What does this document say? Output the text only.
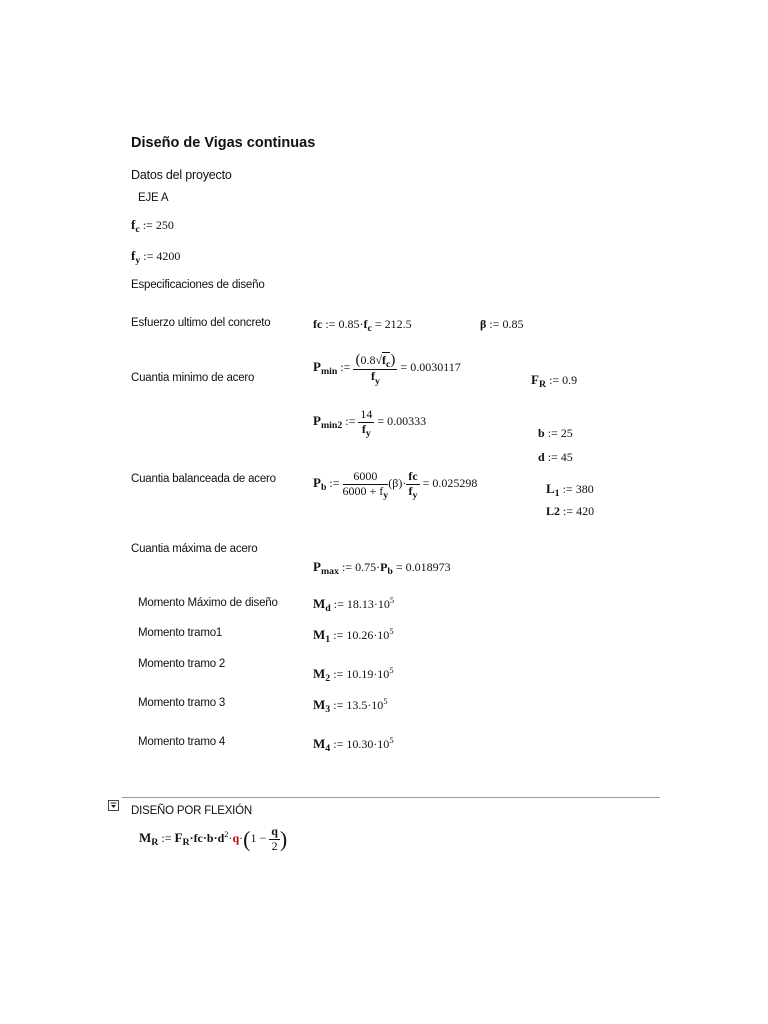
Diseño de Vigas continuas
Datos del proyecto
EJE A
$f_c$ := 250
$f_y$ := 4200
Especificaciones de diseño
Esfuerzo ultimo del concreto	fc := $0.85\cdot f_c = 212.5$	β := 0.85
Cuantia minimo de acero
$P_{min}$ := $\frac{(0.8√f_c)}{f_y} = 0.0030117$
$F_R$ := 0.9
$P_{min2}$ := $\frac{14}{f_y} = 0.00333$
b := 25
d := 45
Cuantia balanceada de acero	$P_b$ := $\frac{6000}{6000 + f_y} (\beta)\cdot \frac{fc}{f_y} = 0.025298$	$L_1$ := 380
L2 := 420
Cuantia máxima de acero
$P_{max}$ := $0.75\cdot P_b = 0.018973$
Momento Máximo de diseño	$M_d$ := $18.13\cdot 10^5$
Momento tramo1	$M_1$ := $10.26\cdot 10^5$
Momento tramo 2
$M_2$ := $10.19\cdot 10^5$
Momento tramo 3	$M_3$ := $13.5\cdot 10^5$
Momento tramo 4	$M_4$ := $10.30\cdot 10^5$
DISEÑO POR FLEXIÓN
$M_R$ := $F_R\cdot fc\cdot b\cdot d^2\cdot q\cdot(1 - \frac{q}{2}$ )
